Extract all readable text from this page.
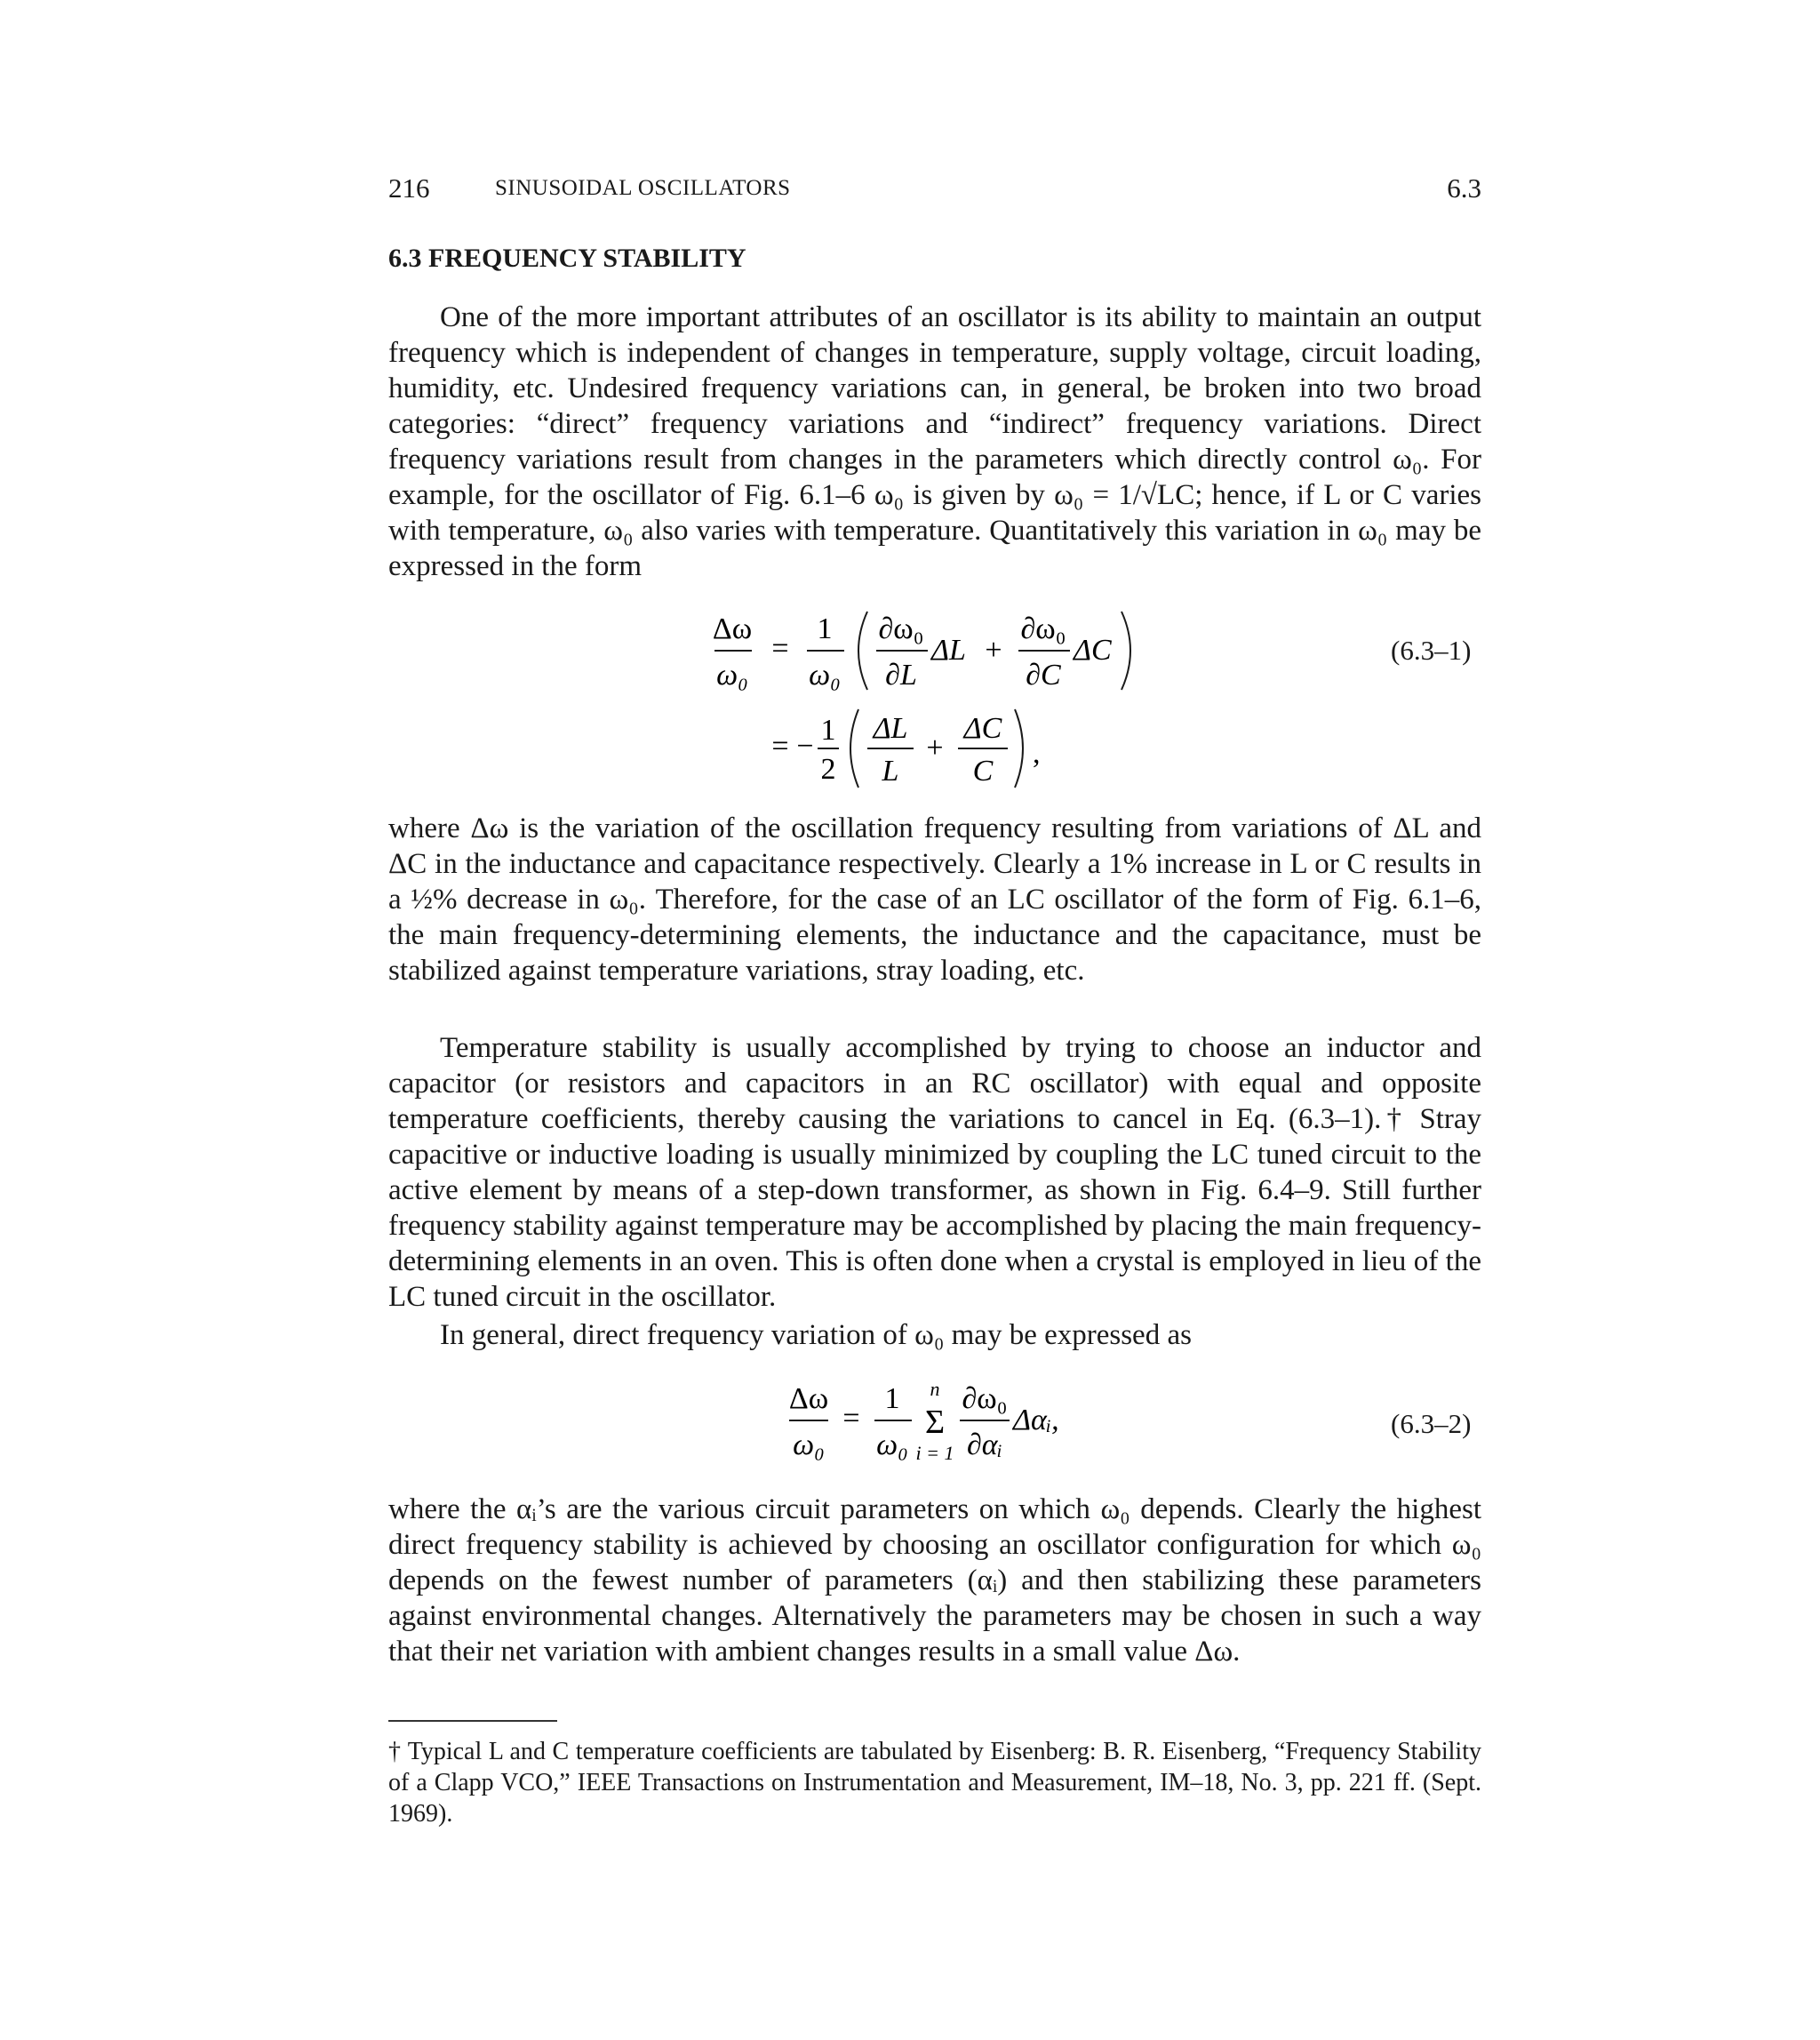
216	SINUSOIDAL OSCILLATORS	6.3
6.3 FREQUENCY STABILITY

One of the more important attributes of an oscillator is its ability to maintain an output frequency which is independent of changes in temperature, supply voltage, circuit loading, humidity, etc. Undesired frequency variations can, in general, be broken into two broad categories: “direct” frequency variations and “indirect” frequency variations. Direct frequency variations result from changes in the parameters which directly control ω₀. For example, for the oscillator of Fig. 6.1–6 ω₀ is given by ω₀ = 1/√LC; hence, if L or C varies with temperature, ω₀ also varies with temperature. Quantitatively this variation in ω₀ may be expressed in the form

Δω
ω₀
=
1
ω₀
∂ω₀
∂L
ΔL +
∂ω₀
∂C
ΔC
= − 1
2
ΔL
L
+
ΔC
C
,
(6.3–1)

where Δω is the variation of the oscillation frequency resulting from variations of ΔL and ΔC in the inductance and capacitance respectively. Clearly a 1% increase in L or C results in a ½% decrease in ω₀. Therefore, for the case of an LC oscillator of the form of Fig. 6.1–6, the main frequency-determining elements, the inductance and the capacitance, must be stabilized against temperature variations, stray loading, etc.

Temperature stability is usually accomplished by trying to choose an inductor and capacitor (or resistors and capacitors in an RC oscillator) with equal and opposite temperature coefficients, thereby causing the variations to cancel in Eq. (6.3–1).† Stray capacitive or inductive loading is usually minimized by coupling the LC tuned circuit to the active element by means of a step-down transformer, as shown in Fig. 6.4–9. Still further frequency stability against temperature may be accomplished by placing the main frequency-determining elements in an oven. This is often done when a crystal is employed in lieu of the LC tuned circuit in the oscillator.

In general, direct frequency variation of ω₀ may be expressed as

Δω
ω₀
=
1
ω₀
n
Σ
i = 1
∂ω₀
∂αᵢ
Δαᵢ,	(6.3–2)

where the αᵢ’s are the various circuit parameters on which ω₀ depends. Clearly the highest direct frequency stability is achieved by choosing an oscillator configuration for which ω₀ depends on the fewest number of parameters (αᵢ) and then stabilizing these parameters against environmental changes. Alternatively the parameters may be chosen in such a way that their net variation with ambient changes results in a small value Δω.

† Typical L and C temperature coefficients are tabulated by Eisenberg: B. R. Eisenberg, “Frequency Stability of a Clapp VCO,” IEEE Transactions on Instrumentation and Measurement, IM–18, No. 3, pp. 221 ff. (Sept. 1969).
